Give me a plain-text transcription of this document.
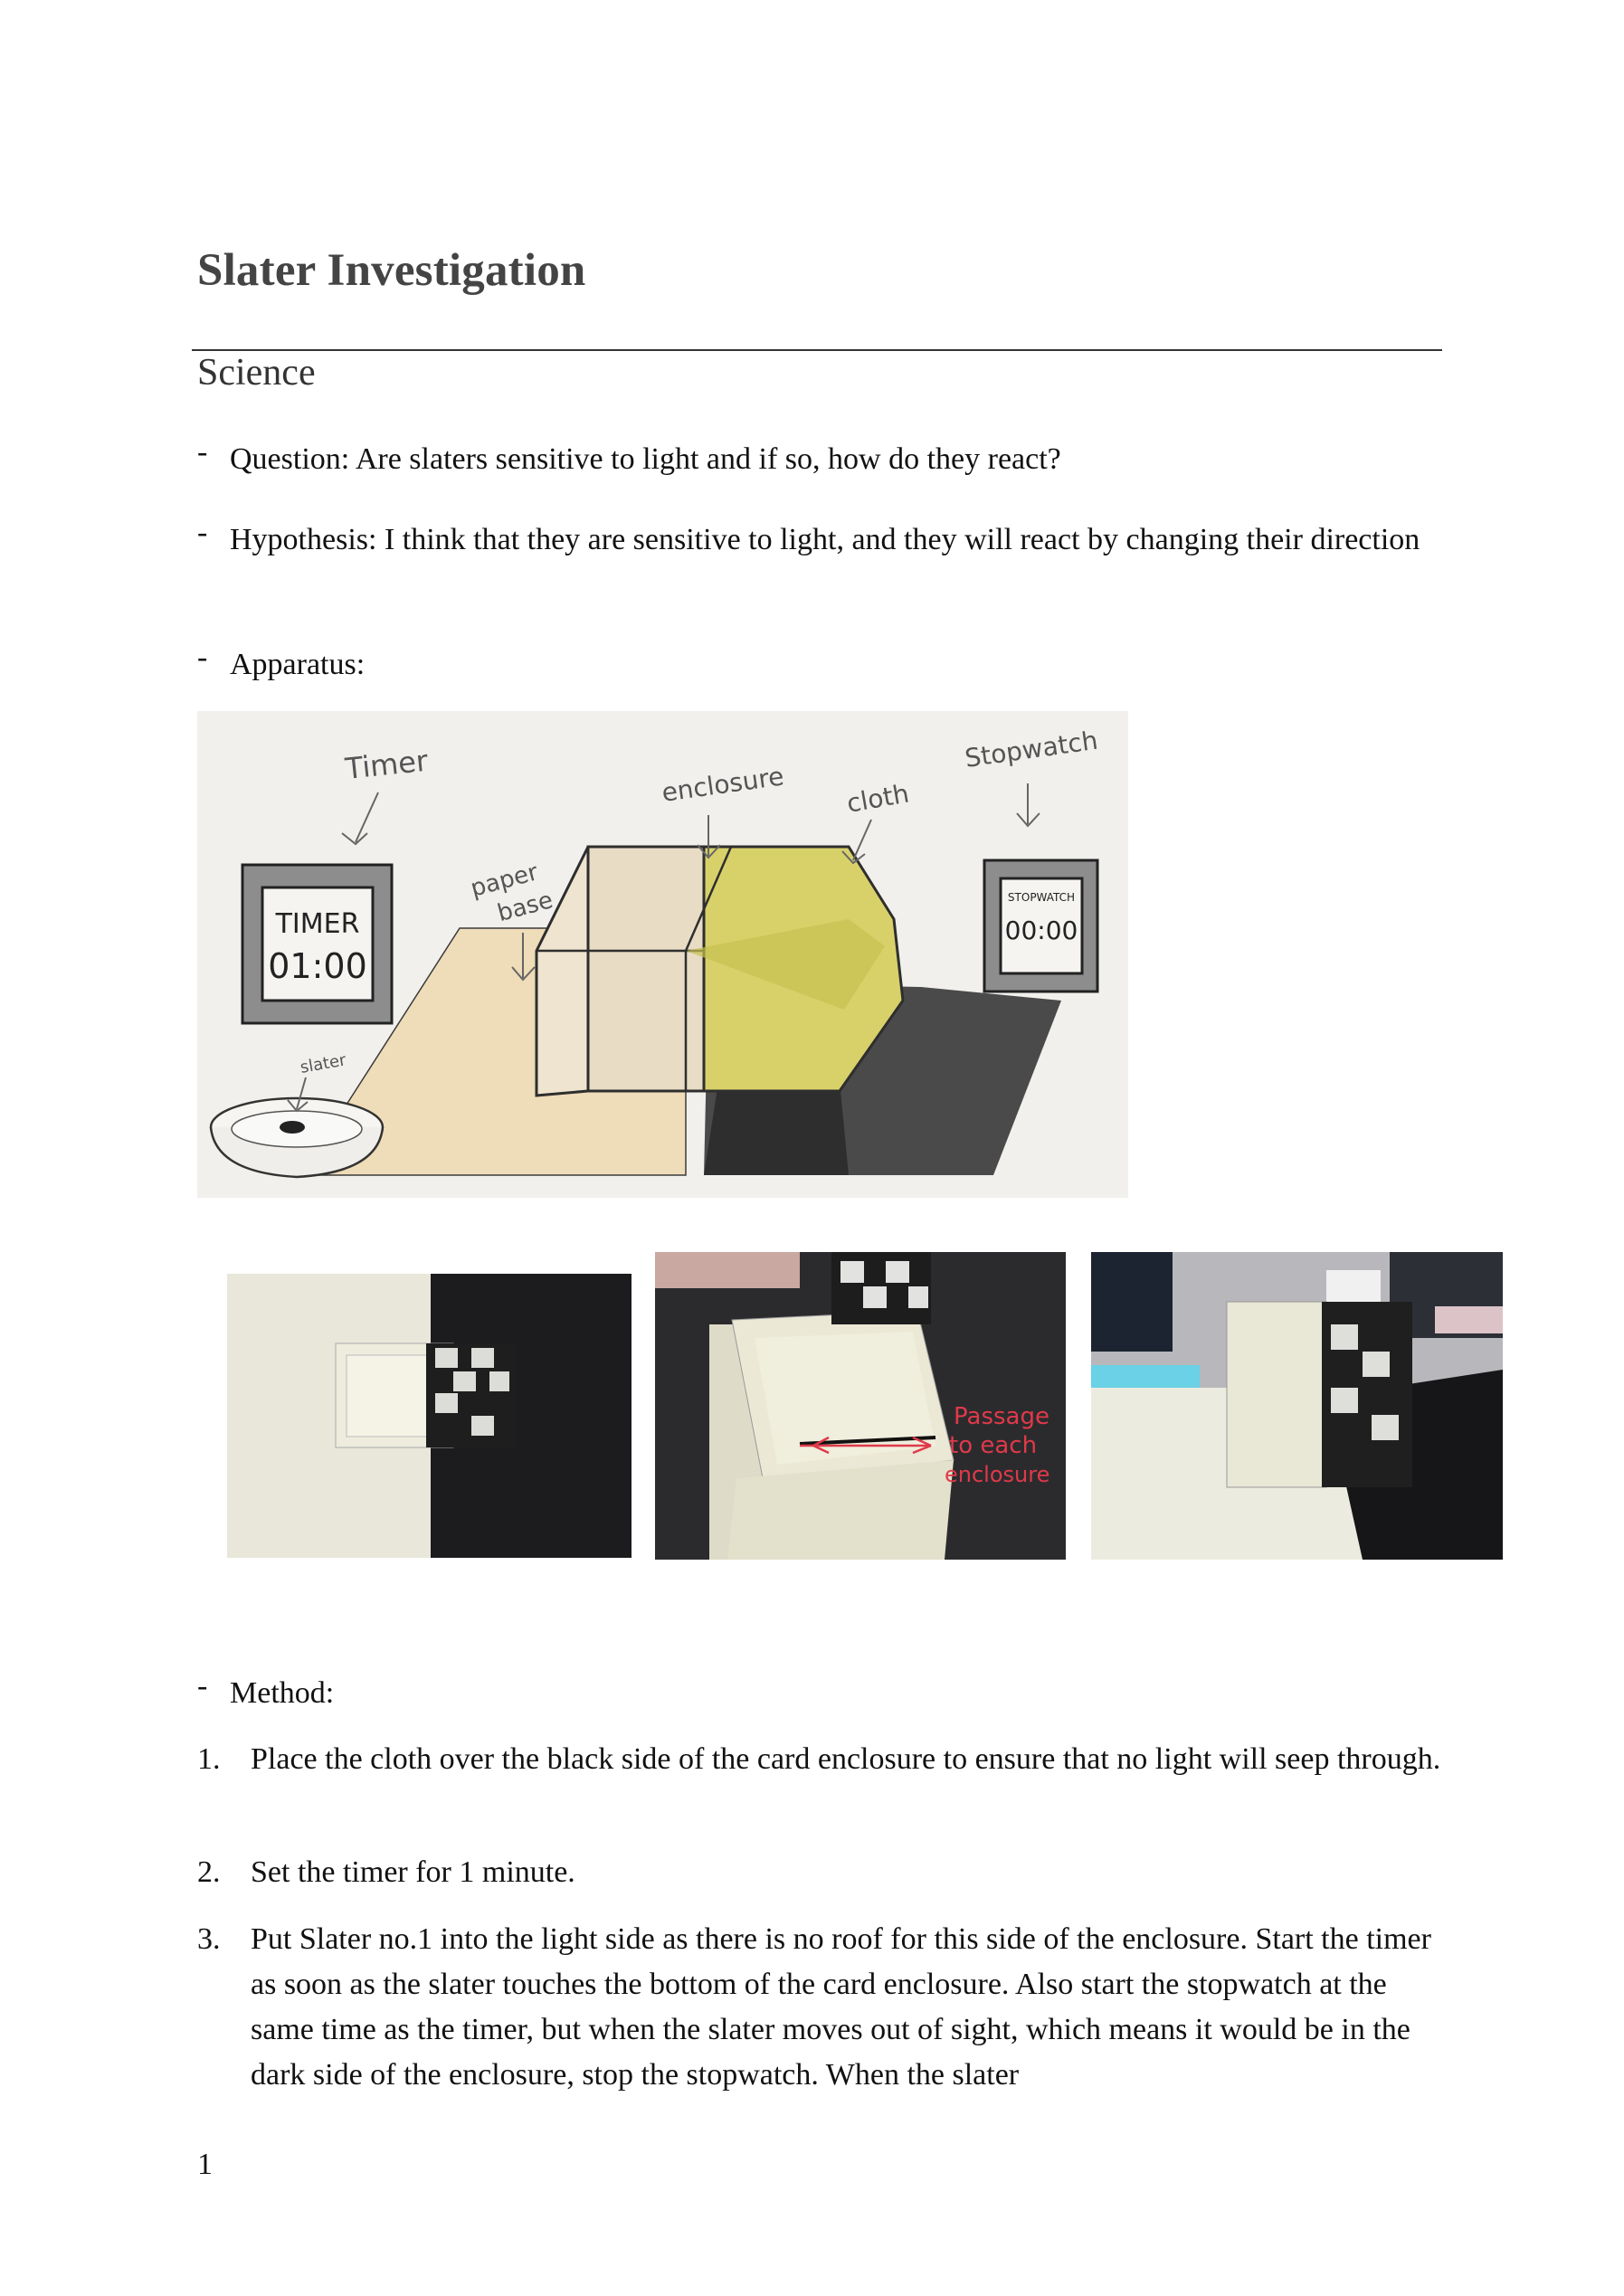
Slater Investigation
Science
- Question: Are slaters sensitive to light and if so, how do they react?
- Hypothesis: I think that they are sensitive to light, and they will react by changing their direction
- Apparatus:
TIMER
01:00
STOPWATCH
00:00
Timer	enclosure cloth
Stopwatch
paper
base
slater
Passage
to each
enclosure
- Method:
1. Place the cloth over the black side of the card enclosure to ensure that no light will seep through.
2. Set the timer for 1 minute.
3. Put Slater no.1 into the light side as there is no roof for this side of the enclosure. Start the timer as soon as the slater touches the bottom of the card enclosure. Also start the stopwatch at the same time as the timer, but when the slater moves out of sight, which means it would be in the dark side of the enclosure, stop the stopwatch. When the slater
1
